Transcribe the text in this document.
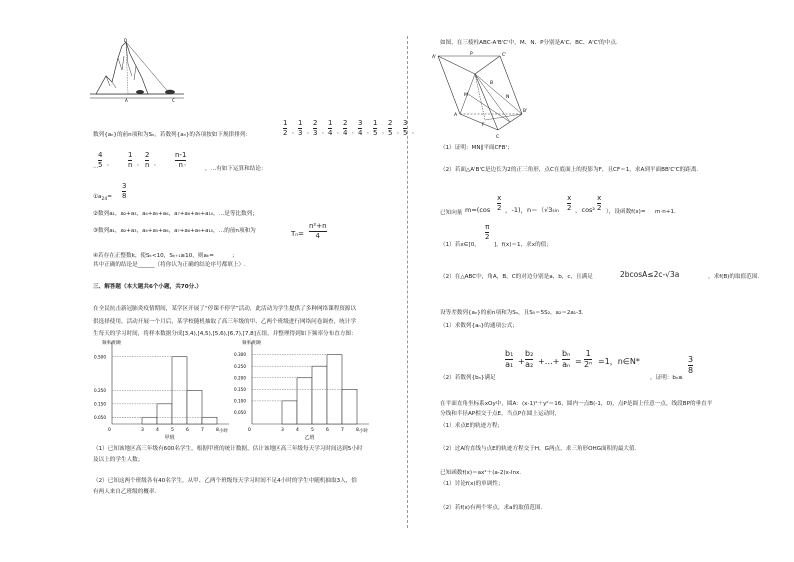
D
A	C
数列{aₙ}的前n项和为Sₙ，若数列{aₙ}的各项按如下规律排列：
1
2 ，
1
3 ，
2
3 ，
1
4 ，
2
4 ，
3
4 ，
1
5 ，
2
5 ，
3
5 ，
4
5 ，
1
n ，
2
n ，
n-1
n ，
…	，…有如下运算和结论：
$①a_{24}=$
3
8
②数列a₁，a₂+a₃，a₄+a₅+a₆，a₇+a₈+a₉+a₁₀，…是等比数列；
③数列a₁，a₂+a₃，a₄+a₅+a₆，a₇+a₈+a₉+a₁₀，…的前n项和为	Tₙ=
n²+n
4
④若存在正整数k，使Sₖ<10，Sₖ₊₁≥10，则aₖ=	；
其中正确的结论是______（将你认为正确的结论序号都填上）.
三、解答题（本大题共6个小题，共70分.）
在全民抗击新冠肺炎疫情期间，某学区开展了“停课不停学”活动，此活动为学生提供了多种网络课程资源以
供选择使用。活动开展一个月后，某学校随机抽取了高三年级的甲、乙两个班级进行网络问卷调查，统计学
生每天的学习时间，将样本数据分成[3,4),[4,5),[5,6),[6,7),[7,8]五组，并整理得到如下频率分布直方图：
频率/组距
小时
0.500
0.250
0.150
0.050
0	3	4	5	6	7	8
甲班
频率/组距
小时
0.300
0.250
0.200
0.150
0.100
0.050
0	3	4	5	6	7	8
乙班
（1）已知该地区高三年级有600名学生，根据甲班的统计数据，估计该地区高三年级每天学习时间达到5小时
及以上的学生人数；
（2）已知这两个班级各有40名学生，从甲、乙两个班级每天学习时间不足4小时的学生中随机抽取3人，恰
有两人来自乙班级的概率.
如图，在三棱柱ABC-A'B'C'中，M、N、P分别是A'C、BC、A'C'的中点.
A'
P	C'
B'
N
A
F
B
C
M
（1）证明：MN∥平面CFB'；
（2）若面△A'B'C是边长为2的正三角形，点C在底面上的投影为F，且CF＝1，求A到平面BB'C'C的距离.
已知向量 m=(cos
x
2 ，-1)， n＝（√3sin
x
2 ，cos²
x
2 ），设函数f(x)= m·n+1.
（1）若x∈[0，
π
2
]，f(x)＝1，求x的值；
（2）在△ABC中，角A，B，C的对边分别是a，b，c，且满足	2bcosA≤2c-√3a	，求f(B)的取值范围.
设等差数列{aₙ}的前n项和为Sₙ，且S₅＝5S₂，a₂＝2a₁-3.
（1）求数列{aₙ}的通项公式；
（2）若数列{bₙ}满足
b₁
a₁ +
b₂
a₂ +…+
bₙ
aₙ =
1
2ⁿ =1，n∈N*
，证明：bₙ≤
3
8
在平面直角坐标系xOy中，圆A：(x-1)²＋y²＝16，圆内一点B(-1，0)，点P是圆上任意一点，线段BP的垂直平
分线和半径AP相交于点E，当点P在圆上运动时，
（1）求点E的轨迹方程；
（2）过A的直线与点E的轨迹方程交于H，G两点，求三角形OHG面积的最大值.
已知函数f(x)＝ax²＋(a-2)x-lnx.
（1）讨论f(x)的单调性；
（2）若f(x)有两个零点，求a的取值范围.
